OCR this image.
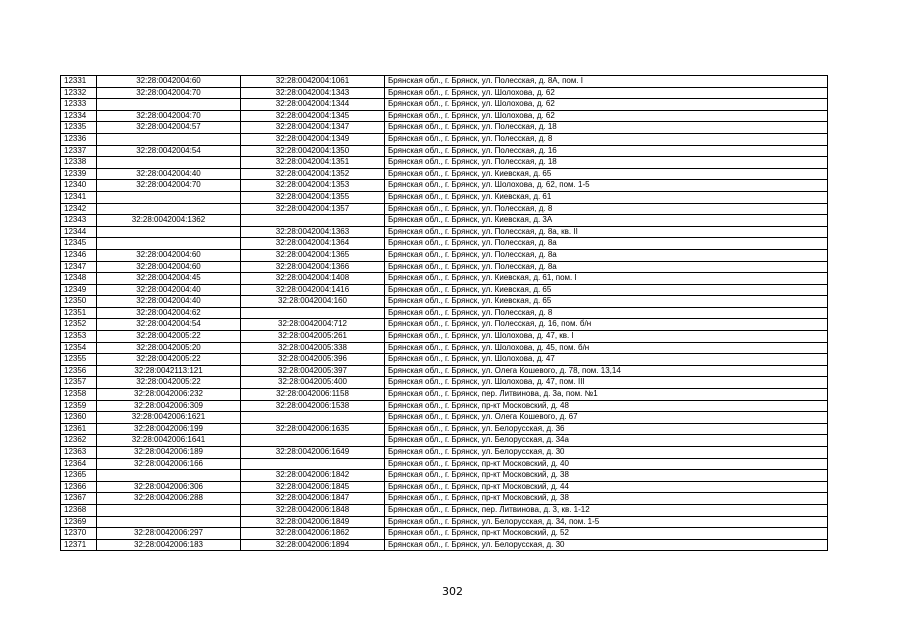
12331	32:28:0042004:60	32:28:0042004:1061	Брянская обл., г. Брянск, ул. Полесская, д. 8А, пом. I
12332	32:28:0042004:70	32:28:0042004:1343	Брянская обл., г. Брянск, ул. Шолохова, д. 62
12333		32:28:0042004:1344	Брянская обл., г. Брянск, ул. Шолохова, д. 62
12334	32:28:0042004:70	32:28:0042004:1345	Брянская обл., г. Брянск, ул. Шолохова, д. 62
12335	32:28:0042004:57	32:28:0042004:1347	Брянская обл., г. Брянск, ул. Полесская, д. 18
12336		32:28:0042004:1349	Брянская обл., г. Брянск, ул. Полесская, д. 8
12337	32:28:0042004:54	32:28:0042004:1350	Брянская обл., г. Брянск, ул. Полесская, д. 16
12338		32:28:0042004:1351	Брянская обл., г. Брянск, ул. Полесская, д. 18
12339	32:28:0042004:40	32:28:0042004:1352	Брянская обл., г. Брянск, ул. Киевская, д. 65
12340	32:28:0042004:70	32:28:0042004:1353	Брянская обл., г. Брянск, ул. Шолохова, д. 62, пом. 1-5
12341		32:28:0042004:1355	Брянская обл., г. Брянск, ул. Киевская, д. 61
12342		32:28:0042004:1357	Брянская обл., г. Брянск, ул. Полесская, д. 8
12343	32:28:0042004:1362		Брянская обл., г. Брянск, ул. Киевская, д. 3А
12344		32:28:0042004:1363	Брянская обл., г. Брянск, ул. Полесская, д. 8а, кв. II
12345		32:28:0042004:1364	Брянская обл., г. Брянск, ул. Полесская, д. 8а
12346	32:28:0042004:60	32:28:0042004:1365	Брянская обл., г. Брянск, ул. Полесская, д. 8а
12347	32:28:0042004:60	32:28:0042004:1366	Брянская обл., г. Брянск, ул. Полесская, д. 8а
12348	32:28:0042004:45	32:28:0042004:1408	Брянская обл., г. Брянск, ул. Киевская, д. 61, пом. I
12349	32:28:0042004:40	32:28:0042004:1416	Брянская обл., г. Брянск, ул. Киевская, д. 65
12350	32:28:0042004:40	32:28:0042004:160	Брянская обл., г. Брянск, ул. Киевская, д. 65
12351	32:28:0042004:62		Брянская обл., г. Брянск, ул. Полесская, д. 8
12352	32:28:0042004:54	32:28:0042004:712	Брянская обл., г. Брянск, ул. Полесская, д. 16, пом. б/н
12353	32:28:0042005:22	32:28:0042005:261	Брянская обл., г. Брянск, ул. Шолохова, д. 47, кв. I
12354	32:28:0042005:20	32:28:0042005:338	Брянская обл., г. Брянск, ул. Шолохова, д. 45, пом. б/н
12355	32:28:0042005:22	32:28:0042005:396	Брянская обл., г. Брянск, ул. Шолохова, д. 47
12356	32:28:0042113:121	32:28:0042005:397	Брянская обл., г. Брянск, ул. Олега Кошевого, д. 78, пом. 13,14
12357	32:28:0042005:22	32:28:0042005:400	Брянская обл., г. Брянск, ул. Шолохова, д. 47, пом. III
12358	32:28:0042006:232	32:28:0042006:1158	Брянская обл., г. Брянск, пер. Литвинова, д. 3а, пом. №1
12359	32:28:0042006:309	32:28:0042006:1538	Брянская обл., г. Брянск, пр-кт Московский, д. 48
12360	32:28:0042006:1621		Брянская обл., г. Брянск, ул. Олега Кошевого, д. 67
12361	32:28:0042006:199	32:28:0042006:1635	Брянская обл., г. Брянск, ул. Белорусская, д. 36
12362	32:28:0042006:1641		Брянская обл., г. Брянск, ул. Белорусская, д. 34а
12363	32:28:0042006:189	32:28:0042006:1649	Брянская обл., г. Брянск, ул. Белорусская, д. 30
12364	32:28:0042006:166		Брянская обл., г. Брянск, пр-кт Московский, д. 40
12365		32:28:0042006:1842	Брянская обл., г. Брянск, пр-кт Московский, д. 38
12366	32:28:0042006:306	32:28:0042006:1845	Брянская обл., г. Брянск, пр-кт Московский, д. 44
12367	32:28:0042006:288	32:28:0042006:1847	Брянская обл., г. Брянск, пр-кт Московский, д. 38
12368		32:28:0042006:1848	Брянская обл., г. Брянск, пер. Литвинова, д. 3, кв. 1-12
12369		32:28:0042006:1849	Брянская обл., г. Брянск, ул. Белорусская, д. 34, пом. 1-5
12370	32:28:0042006:297	32:28:0042006:1862	Брянская обл., г. Брянск, пр-кт Московский, д. 52
12371	32:28:0042006:183	32:28:0042006:1894	Брянская обл., г. Брянск, ул. Белорусская, д. 30
302
